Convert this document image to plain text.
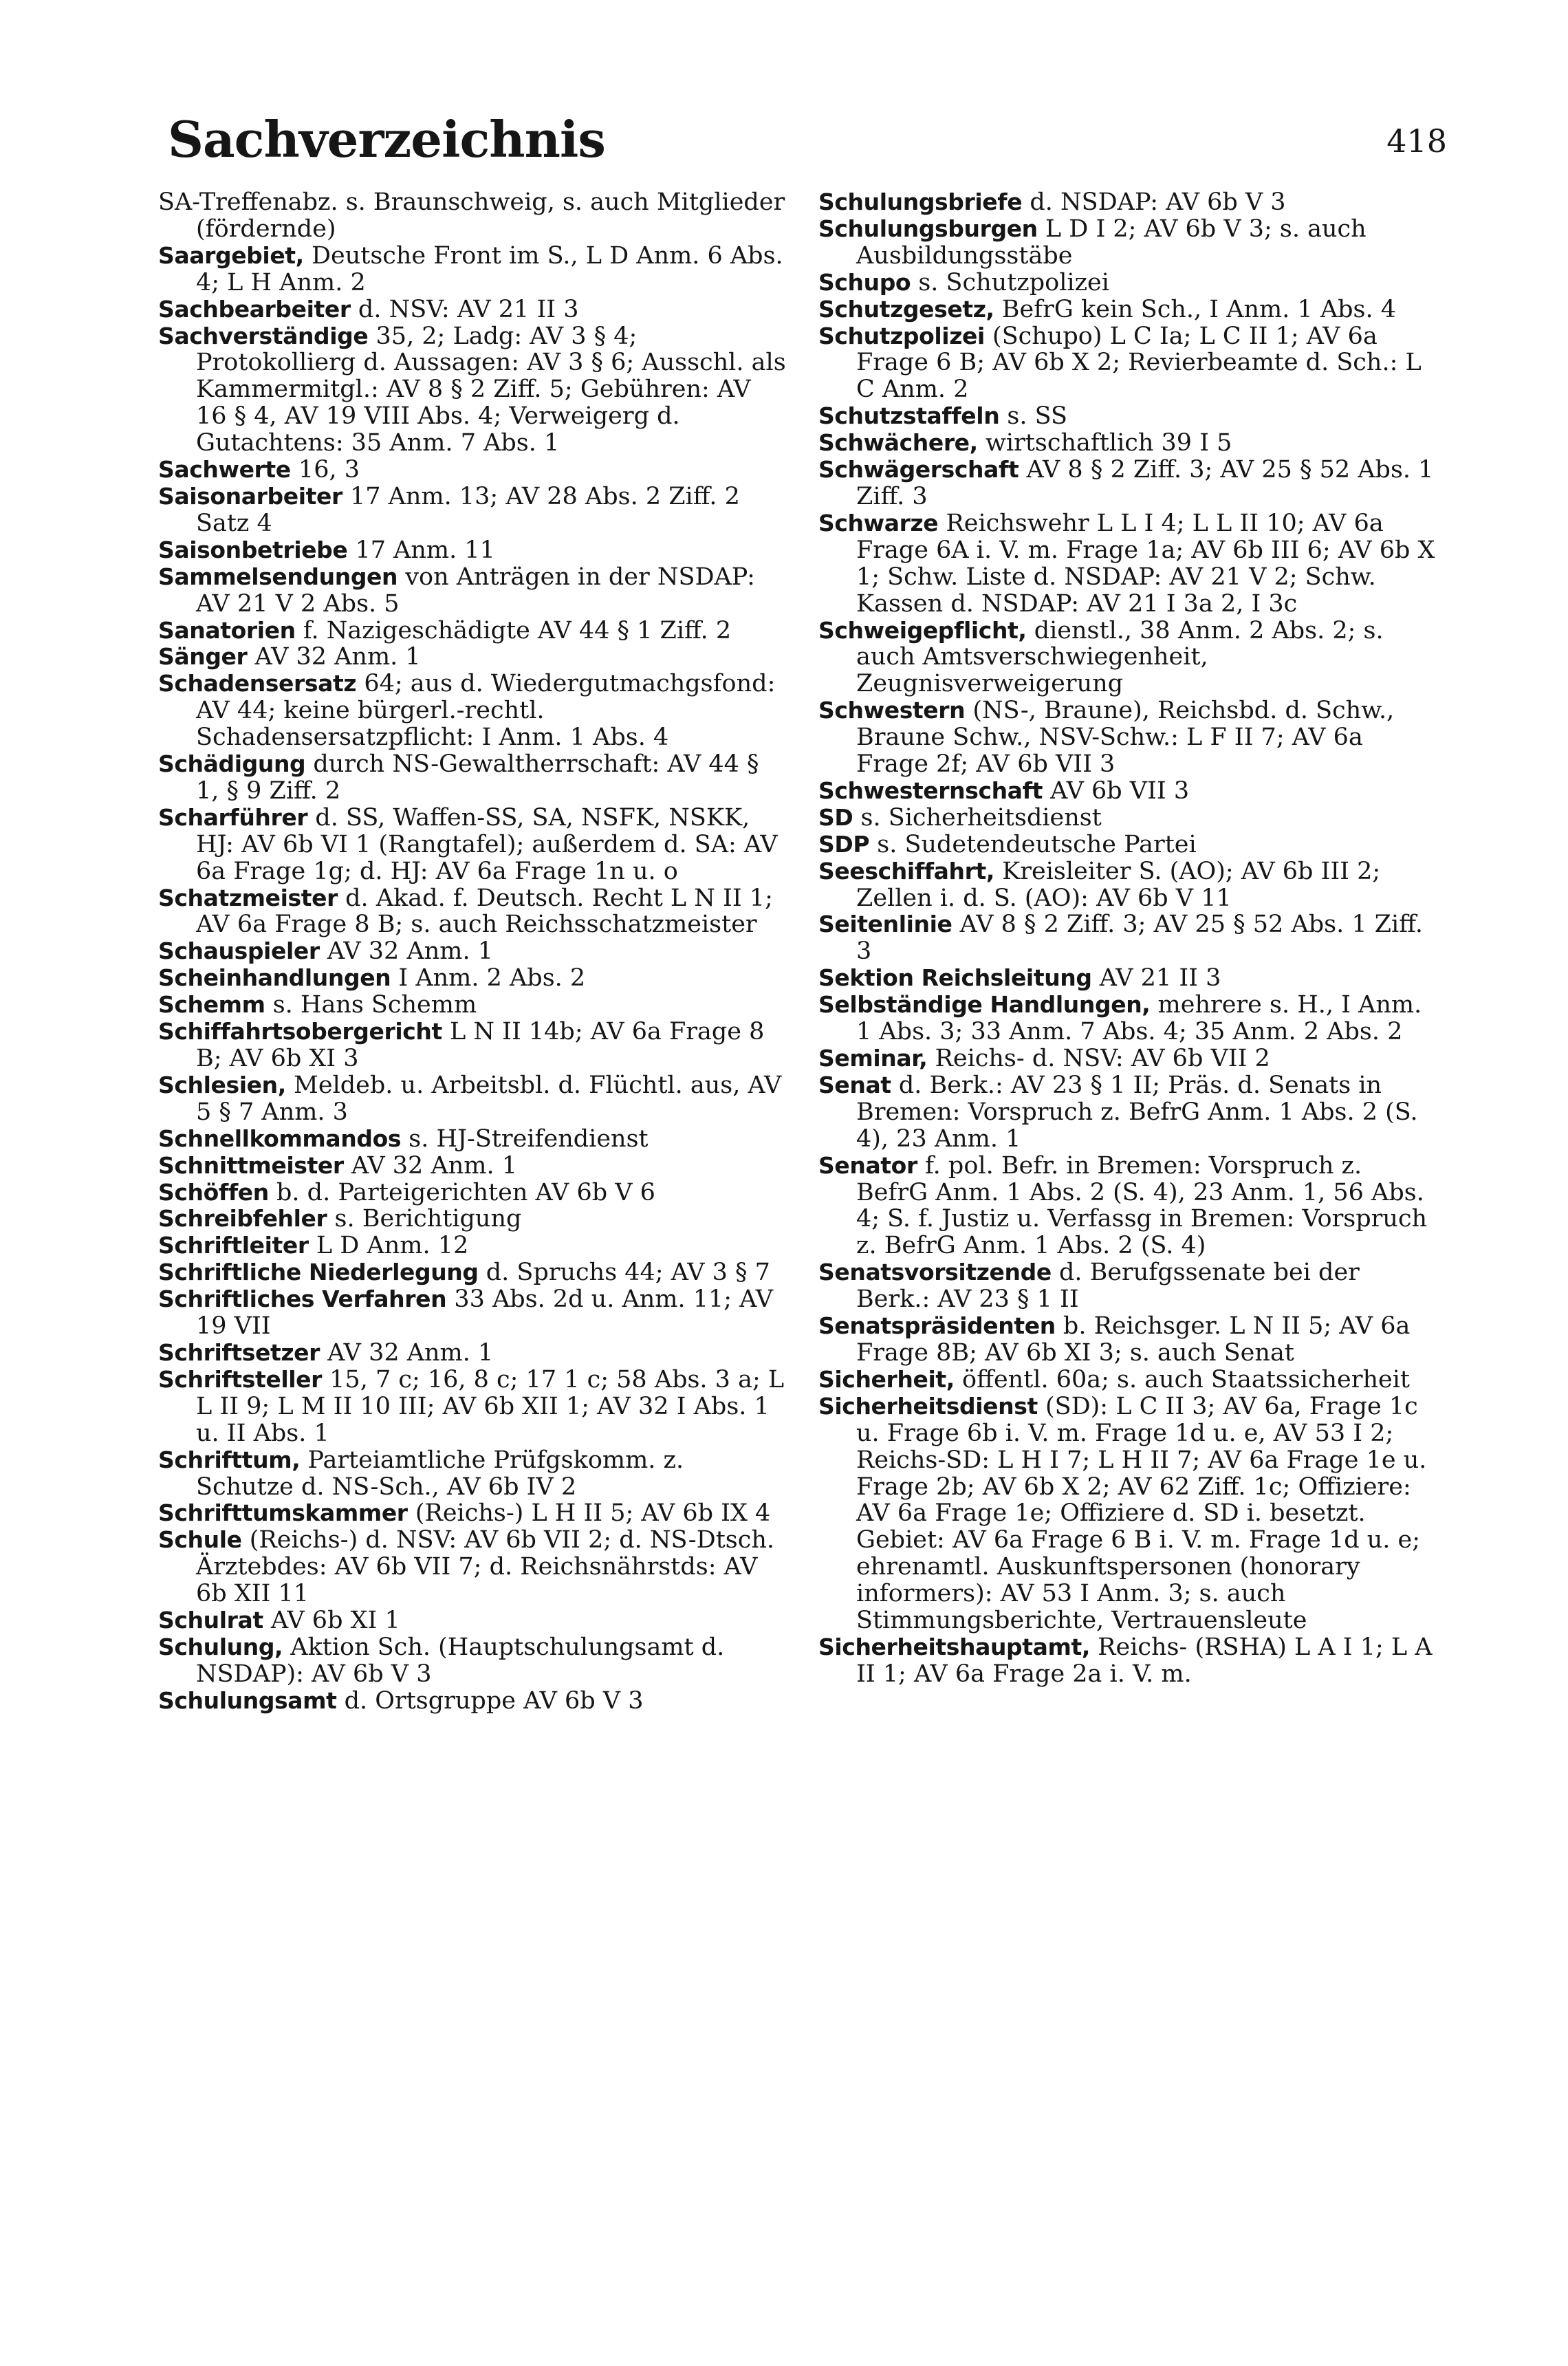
Sachverzeichnis	418

SA-Treffenabz. s. Braunschweig, s. auch Mitglieder (fördernde)

Saargebiet, Deutsche Front im S., L D Anm. 6 Abs. 4; L H Anm. 2

Sachbearbeiter d. NSV: AV 21 II 3

Sachverständige 35, 2; Ladg: AV 3 § 4; Protokollierg d. Aussagen: AV 3 § 6; Ausschl. als Kammermitgl.: AV 8 § 2 Ziff. 5; Gebühren: AV 16 § 4, AV 19 VIII Abs. 4; Verweigerg d. Gutachtens: 35 Anm. 7 Abs. 1

Sachwerte 16, 3

Saisonarbeiter 17 Anm. 13; AV 28 Abs. 2 Ziff. 2 Satz 4

Saisonbetriebe 17 Anm. 11

Sammelsendungen von Anträgen in der NSDAP: AV 21 V 2 Abs. 5

Sanatorien f. Nazigeschädigte AV 44 § 1 Ziff. 2

Sänger AV 32 Anm. 1

Schadensersatz 64; aus d. Wiedergutmachgsfond: AV 44; keine bürgerl.-rechtl. Schadensersatzpflicht: I Anm. 1 Abs. 4

Schädigung durch NS-Gewaltherrschaft: AV 44 § 1, § 9 Ziff. 2

Scharführer d. SS, Waffen-SS, SA, NSFK, NSKK, HJ: AV 6b VI 1 (Rangtafel); außerdem d. SA: AV 6a Frage 1g; d. HJ: AV 6a Frage 1n u. o

Schatzmeister d. Akad. f. Deutsch. Recht L N II 1; AV 6a Frage 8 B; s. auch Reichsschatzmeister

Schauspieler AV 32 Anm. 1

Scheinhandlungen I Anm. 2 Abs. 2

Schemm s. Hans Schemm

Schiffahrtsobergericht L N II 14b; AV 6a Frage 8 B; AV 6b XI 3

Schlesien, Meldeb. u. Arbeitsbl. d. Flüchtl. aus, AV 5 § 7 Anm. 3

Schnellkommandos s. HJ-Streifendienst

Schnittmeister AV 32 Anm. 1

Schöffen b. d. Parteigerichten AV 6b V 6

Schreibfehler s. Berichtigung

Schriftleiter L D Anm. 12

Schriftliche Niederlegung d. Spruchs 44; AV 3 § 7

Schriftliches Verfahren 33 Abs. 2d u. Anm. 11; AV 19 VII

Schriftsetzer AV 32 Anm. 1

Schriftsteller 15, 7 c; 16, 8 c; 17 1 c; 58 Abs. 3 a; L L II 9; L M II 10 III; AV 6b XII 1; AV 32 I Abs. 1 u. II Abs. 1

Schrifttum, Parteiamtliche Prüfgskomm. z. Schutze d. NS-Sch., AV 6b IV 2

Schrifttumskammer (Reichs-) L H II 5; AV 6b IX 4

Schule (Reichs-) d. NSV: AV 6b VII 2; d. NS-Dtsch. Ärztebdes: AV 6b VII 7; d. Reichsnährstds: AV 6b XII 11

Schulrat AV 6b XI 1

Schulung, Aktion Sch. (Hauptschulungsamt d. NSDAP): AV 6b V 3

Schulungsamt d. Ortsgruppe AV 6b V 3

Schulungsbriefe d. NSDAP: AV 6b V 3

Schulungsburgen L D I 2; AV 6b V 3; s. auch Ausbildungsstäbe

Schupo s. Schutzpolizei

Schutzgesetz, BefrG kein Sch., I Anm. 1 Abs. 4

Schutzpolizei (Schupo) L C Ia; L C II 1; AV 6a Frage 6 B; AV 6b X 2; Revierbeamte d. Sch.: L C Anm. 2

Schutzstaffeln s. SS

Schwächere, wirtschaftlich 39 I 5

Schwägerschaft AV 8 § 2 Ziff. 3; AV 25 § 52 Abs. 1 Ziff. 3

Schwarze Reichswehr L L I 4; L L II 10; AV 6a Frage 6A i. V. m. Frage 1a; AV 6b III 6; AV 6b X 1; Schw. Liste d. NSDAP: AV 21 V 2; Schw. Kassen d. NSDAP: AV 21 I 3a 2, I 3c

Schweigepflicht, dienstl., 38 Anm. 2 Abs. 2; s. auch Amtsverschwiegenheit, Zeugnisverweigerung

Schwestern (NS-, Braune), Reichsbd. d. Schw., Braune Schw., NSV-Schw.: L F II 7; AV 6a Frage 2f; AV 6b VII 3

Schwesternschaft AV 6b VII 3

SD s. Sicherheitsdienst

SDP s. Sudetendeutsche Partei

Seeschiffahrt, Kreisleiter S. (AO); AV 6b III 2; Zellen i. d. S. (AO): AV 6b V 11

Seitenlinie AV 8 § 2 Ziff. 3; AV 25 § 52 Abs. 1 Ziff. 3

Sektion Reichsleitung AV 21 II 3

Selbständige Handlungen, mehrere s. H., I Anm. 1 Abs. 3; 33 Anm. 7 Abs. 4; 35 Anm. 2 Abs. 2

Seminar, Reichs- d. NSV: AV 6b VII 2

Senat d. Berk.: AV 23 § 1 II; Präs. d. Senats in Bremen: Vorspruch z. BefrG Anm. 1 Abs. 2 (S. 4), 23 Anm. 1

Senator f. pol. Befr. in Bremen: Vorspruch z. BefrG Anm. 1 Abs. 2 (S. 4), 23 Anm. 1, 56 Abs. 4; S. f. Justiz u. Verfassg in Bremen: Vorspruch z. BefrG Anm. 1 Abs. 2 (S. 4)

Senatsvorsitzende d. Berufgssenate bei der Berk.: AV 23 § 1 II

Senatspräsidenten b. Reichsger. L N II 5; AV 6a Frage 8B; AV 6b XI 3; s. auch Senat

Sicherheit, öffentl. 60a; s. auch Staatssicherheit

Sicherheitsdienst (SD): L C II 3; AV 6a, Frage 1c u. Frage 6b i. V. m. Frage 1d u. e, AV 53 I 2; Reichs-SD: L H I 7; L H II 7; AV 6a Frage 1e u. Frage 2b; AV 6b X 2; AV 62 Ziff. 1c; Offiziere: AV 6a Frage 1e; Offiziere d. SD i. besetzt. Gebiet: AV 6a Frage 6 B i. V. m. Frage 1d u. e; ehrenamtl. Auskunftspersonen (honorary informers): AV 53 I Anm. 3; s. auch Stimmungsberichte, Vertrauensleute

Sicherheitshauptamt, Reichs- (RSHA) L A I 1; L A II 1; AV 6a Frage 2a i. V. m.
